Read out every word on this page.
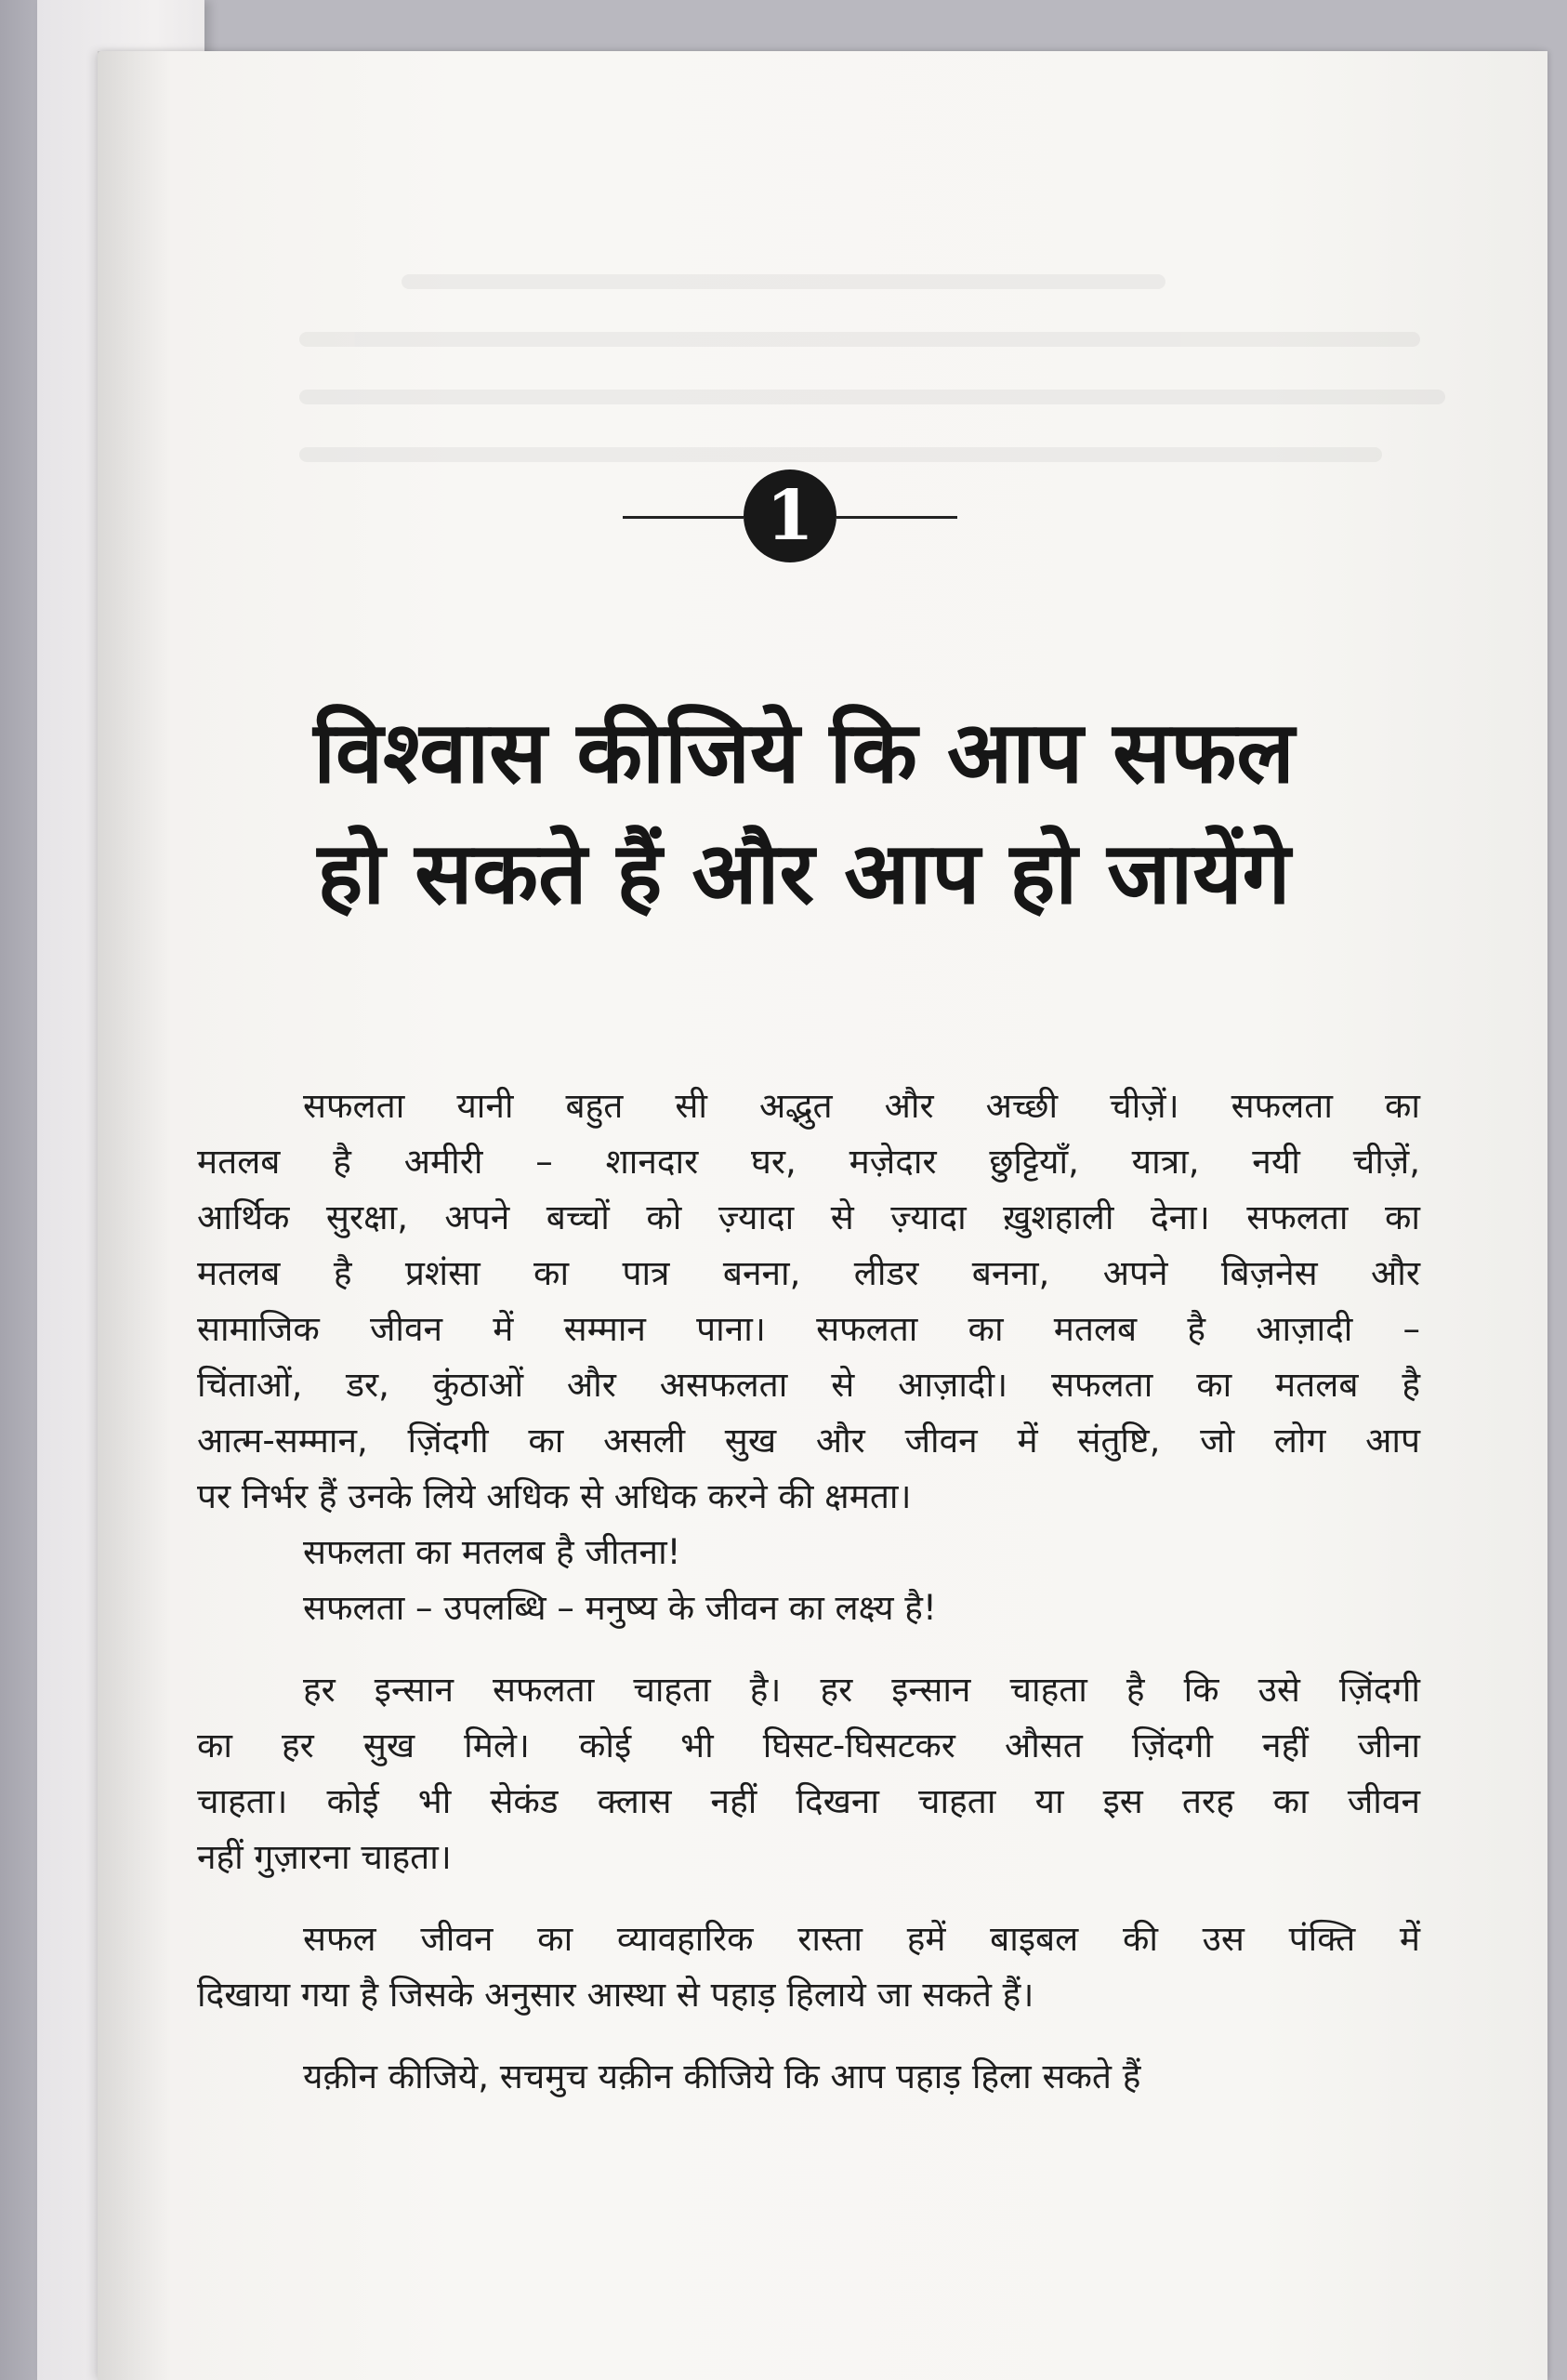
1
विश्वास कीजिये कि आप सफल
हो सकते हैं और आप हो जायेंगे

सफलता यानी बहुत सी अद्भुत और अच्छी चीज़ें। सफलता का
मतलब है अमीरी – शानदार घर, मज़ेदार छुट्टियाँ, यात्रा, नयी चीज़ें,
आर्थिक सुरक्षा, अपने बच्चों को ज़्यादा से ज़्यादा ख़ुशहाली देना। सफलता का
मतलब है प्रशंसा का पात्र बनना, लीडर बनना, अपने बिज़नेस और
सामाजिक जीवन में सम्मान पाना। सफलता का मतलब है आज़ादी –
चिंताओं, डर, कुंठाओं और असफलता से आज़ादी। सफलता का मतलब है
आत्म-सम्मान, ज़िंदगी का असली सुख और जीवन में संतुष्टि, जो लोग आप
पर निर्भर हैं उनके लिये अधिक से अधिक करने की क्षमता।

सफलता का मतलब है जीतना!

सफलता – उपलब्धि – मनुष्य के जीवन का लक्ष्य है!

हर इन्सान सफलता चाहता है। हर इन्सान चाहता है कि उसे ज़िंदगी
का हर सुख मिले। कोई भी घिसट-घिसटकर औसत ज़िंदगी नहीं जीना
चाहता। कोई भी सेकंड क्लास नहीं दिखना चाहता या इस तरह का जीवन
नहीं गुज़ारना चाहता।

सफल जीवन का व्यावहारिक रास्ता हमें बाइबल की उस पंक्ति में
दिखाया गया है जिसके अनुसार आस्था से पहाड़ हिलाये जा सकते हैं।

यक़ीन कीजिये, सचमुच यक़ीन कीजिये कि आप पहाड़ हिला सकते हैं
